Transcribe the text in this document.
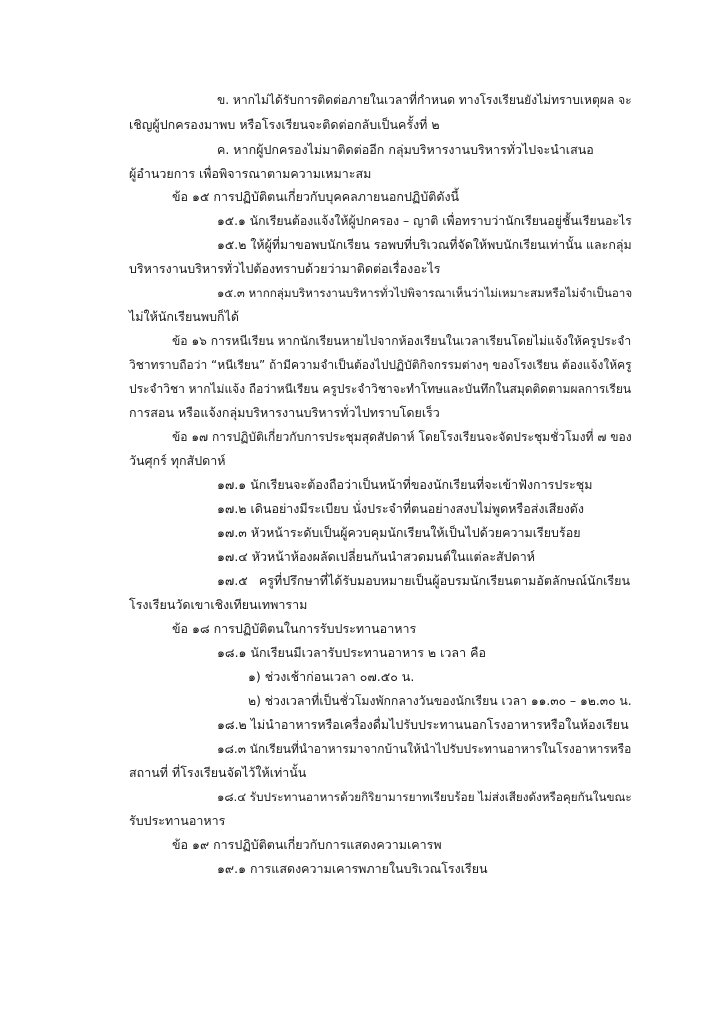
ข. หากไม่ได้รับการติดต่อภายในเวลาที่กำหนด ทางโรงเรียนยังไม่ทราบเหตุผล จะ
เชิญผู้ปกครองมาพบ หรือโรงเรียนจะติดต่อกลับเป็นครั้งที่ ๒
ค. หากผู้ปกครองไม่มาติดต่ออีก กลุ่มบริหารงานบริหารทั่วไปจะนำเสนอ
ผู้อำนวยการ เพื่อพิจารณาตามความเหมาะสม
ข้อ ๑๕ การปฏิบัติตนเกี่ยวกับบุคคลภายนอกปฏิบัติดังนี้
๑๕.๑ นักเรียนต้องแจ้งให้ผู้ปกครอง – ญาติ เพื่อทราบว่านักเรียนอยู่ชั้นเรียนอะไร
๑๕.๒ ให้ผู้ที่มาขอพบนักเรียน รอพบที่บริเวณที่จัดให้พบนักเรียนเท่านั้น และกลุ่ม
บริหารงานบริหารทั่วไปต้องทราบด้วยว่ามาติดต่อเรื่องอะไร
๑๕.๓ หากกลุ่มบริหารงานบริหารทั่วไปพิจารณาเห็นว่าไม่เหมาะสมหรือไม่จำเป็นอาจ
ไม่ให้นักเรียนพบก็ได้
ข้อ ๑๖ การหนีเรียน หากนักเรียนหายไปจากห้องเรียนในเวลาเรียนโดยไม่แจ้งให้ครูประจำ
วิชาทราบถือว่า “หนีเรียน” ถ้ามีความจำเป็นต้องไปปฏิบัติกิจกรรมต่างๆ ของโรงเรียน ต้องแจ้งให้ครู
ประจำวิชา หากไม่แจ้ง ถือว่าหนีเรียน ครูประจำวิชาจะทำโทษและบันทึกในสมุดติดตามผลการเรียน
การสอน หรือแจ้งกลุ่มบริหารงานบริหารทั่วไปทราบโดยเร็ว
ข้อ ๑๗ การปฏิบัติเกี่ยวกับการประชุมสุดสัปดาห์ โดยโรงเรียนจะจัดประชุมชั่วโมงที่ ๗ ของ
วันศุกร์ ทุกสัปดาห์
๑๗.๑ นักเรียนจะต้องถือว่าเป็นหน้าที่ของนักเรียนที่จะเข้าฟังการประชุม
๑๗.๒ เดินอย่างมีระเบียบ นั่งประจำที่ตนอย่างสงบไม่พูดหรือส่งเสียงดัง
๑๗.๓ หัวหน้าระดับเป็นผู้ควบคุมนักเรียนให้เป็นไปด้วยความเรียบร้อย
๑๗.๔ หัวหน้าห้องผลัดเปลี่ยนกันนำสวดมนต์ในแต่ละสัปดาห์
๑๗.๕ ครูที่ปรึกษาที่ได้รับมอบหมายเป็นผู้อบรมนักเรียนตามอัตลักษณ์นักเรียน
โรงเรียนวัดเขาเชิงเทียนเทพาราม
ข้อ ๑๘ การปฏิบัติตนในการรับประทานอาหาร
๑๘.๑ นักเรียนมีเวลารับประทานอาหาร ๒ เวลา คือ
๑) ช่วงเช้าก่อนเวลา ๐๗.๕๐ น.
๒) ช่วงเวลาที่เป็นชั่วโมงพักกลางวันของนักเรียน เวลา ๑๑.๓๐ – ๑๒.๓๐ น.
๑๘.๒ ไม่นำอาหารหรือเครื่องดื่มไปรับประทานนอกโรงอาหารหรือในห้องเรียน
๑๘.๓ นักเรียนที่นำอาหารมาจากบ้านให้นำไปรับประทานอาหารในโรงอาหารหรือ
สถานที่ ที่โรงเรียนจัดไว้ให้เท่านั้น
๑๘.๔ รับประทานอาหารด้วยกิริยามารยาทเรียบร้อย ไม่ส่งเสียงดังหรือคุยกันในขณะ
รับประทานอาหาร
ข้อ ๑๙ การปฏิบัติตนเกี่ยวกับการแสดงความเคารพ
๑๙.๑ การแสดงความเคารพภายในบริเวณโรงเรียน
